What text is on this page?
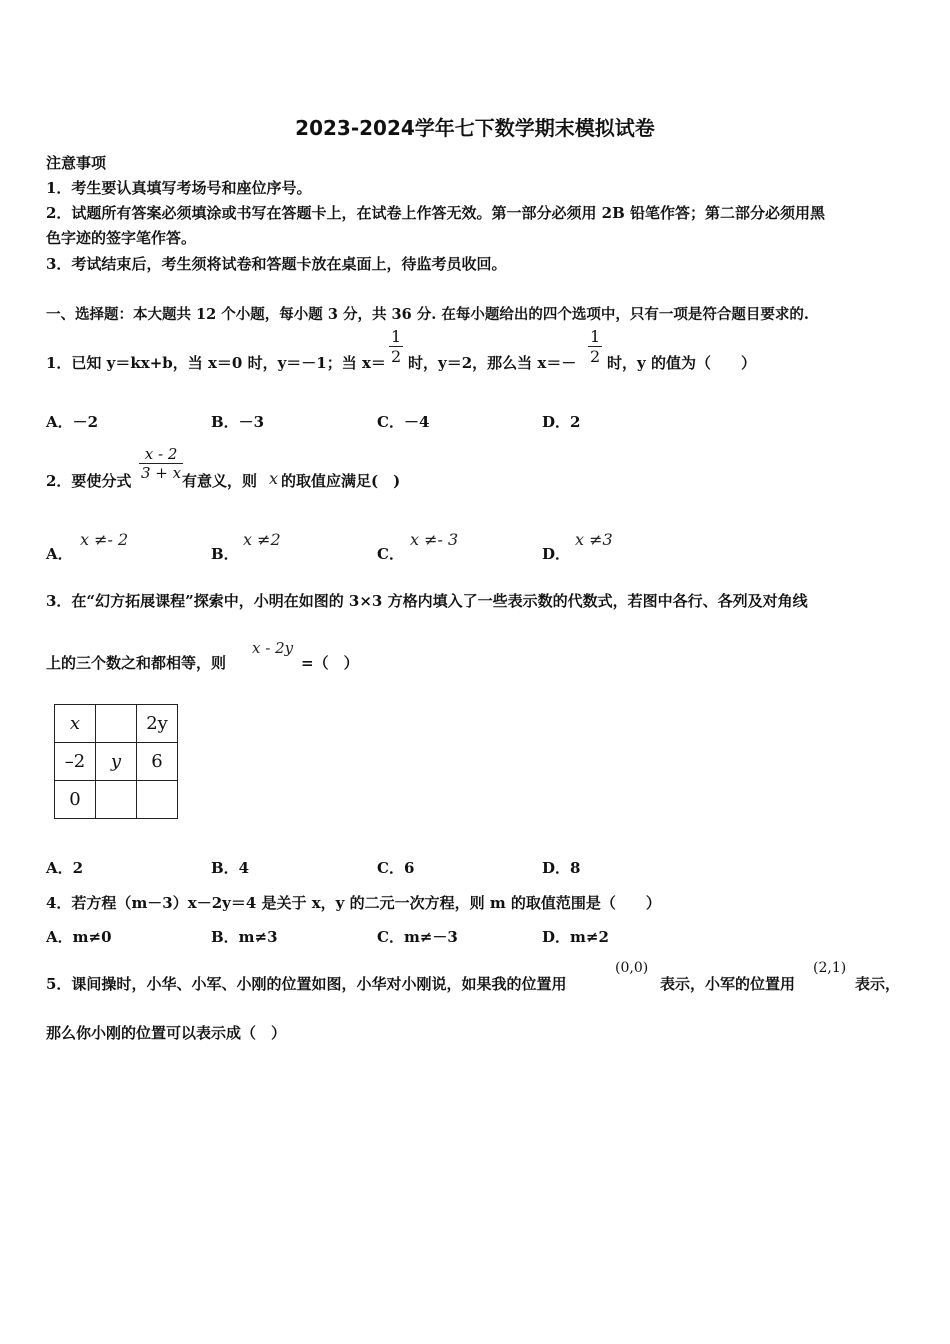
2023-2024学年七下数学期末模拟试卷
注意事项
1．考生要认真填写考场号和座位序号。
2．试题所有答案必须填涂或书写在答题卡上，在试卷上作答无效。第一部分必须用 2B 铅笔作答；第二部分必须用黑
色字迹的签字笔作答。
3．考试结束后，考生须将试卷和答题卡放在桌面上，待监考员收回。
一、选择题：本大题共 12 个小题，每小题 3 分，共 36 分. 在每小题给出的四个选项中，只有一项是符合题目要求的.
1．已知 y＝kx+b，当 x＝0 时，y＝－1；当 $x= \frac{1}{2}$ 时，y＝2，那么当 $x=- \frac{1}{2}$ 时，y 的值为（　　）
A．－2	B．－3	C．－4	D．2
2．要使分式 $\frac{x - 2}{3 + x}$
有意义，则 x 的取值应满足(　)
A．
x ≠- 2
B．
x ≠2
C．
x ≠- 3
D．
x ≠3
3．在“幻方拓展课程”探索中，小明在如图的 3×3 方格内填入了一些表示数的代数式，若图中各行、各列及对角线
上的三个数之和都相等，则
x - 2y
=（　）
x		2y
–2	y	6
0		
A．2	B．4	C．6	D．8
4．若方程（m－3）x－2y＝4 是关于 x，y 的二元一次方程，则 m 的取值范围是（　　）
A．m≠0	B．m≠3	C．m≠－3	D．m≠2
5．课间操时，小华、小军、小刚的位置如图，小华对小刚说，如果我的位置用
(0,0)
表示，小军的位置用
(2,1)
表示，
那么你小刚的位置可以表示成（　）
